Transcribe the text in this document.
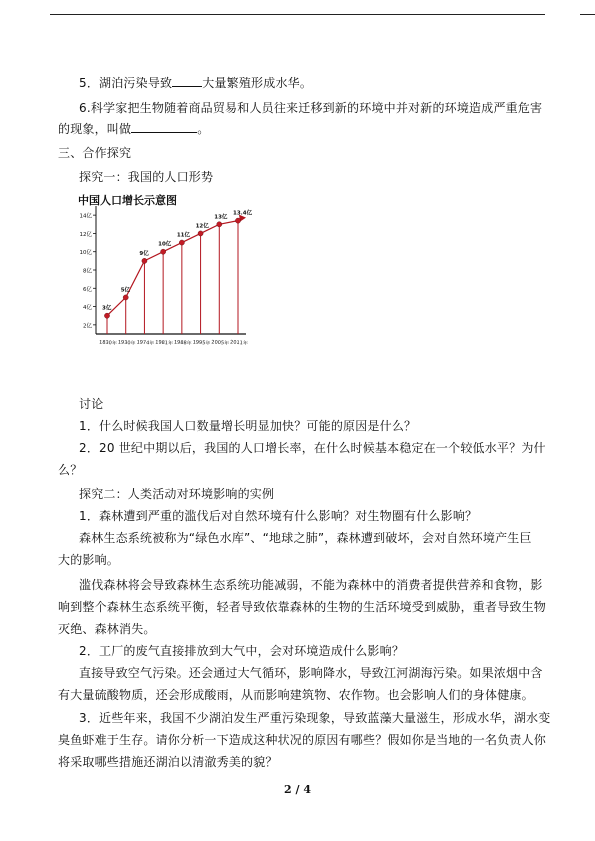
5．湖泊污染导致	大量繁殖形成水华。
6.科学家把生物随着商品贸易和人员往来迁移到新的环境中并对新的环境造成严重危害
的现象，叫做	。
三、合作探究
探究一：我国的人口形势
中国人口增长示意图
2亿
4亿
6亿
8亿
10亿
12亿
14亿
1830年 1930年 1974年 1981年 1988年 1995年 2005年 2011年
3亿
5亿
9亿
10亿
11亿
12亿
13亿
13.4亿
讨论
1．什么时候我国人口数量增长明显加快？可能的原因是什么？
2．20 世纪中期以后，我国的人口增长率，在什么时候基本稳定在一个较低水平？为什
么？
探究二：人类活动对环境影响的实例
1．森林遭到严重的滥伐后对自然环境有什么影响？对生物圈有什么影响？
森林生态系统被称为“绿色水库”、“地球之肺”，森林遭到破坏，会对自然环境产生巨
大的影响。
滥伐森林将会导致森林生态系统功能减弱，不能为森林中的消费者提供营养和食物，影
响到整个森林生态系统平衡，轻者导致依靠森林的生物的生活环境受到威胁，重者导致生物
灭绝、森林消失。
2．工厂的废气直接排放到大气中，会对环境造成什么影响？
直接导致空气污染。还会通过大气循环，影响降水，导致江河湖海污染。如果浓烟中含
有大量硫酸物质，还会形成酸雨，从而影响建筑物、农作物。也会影响人们的身体健康。
3．近些年来，我国不少湖泊发生严重污染现象，导致蓝藻大量滋生，形成水华，湖水变
臭鱼虾难于生存。请你分析一下造成这种状况的原因有哪些？假如你是当地的一名负责人你
将采取哪些措施还湖泊以清澈秀美的貌？
2 / 4
